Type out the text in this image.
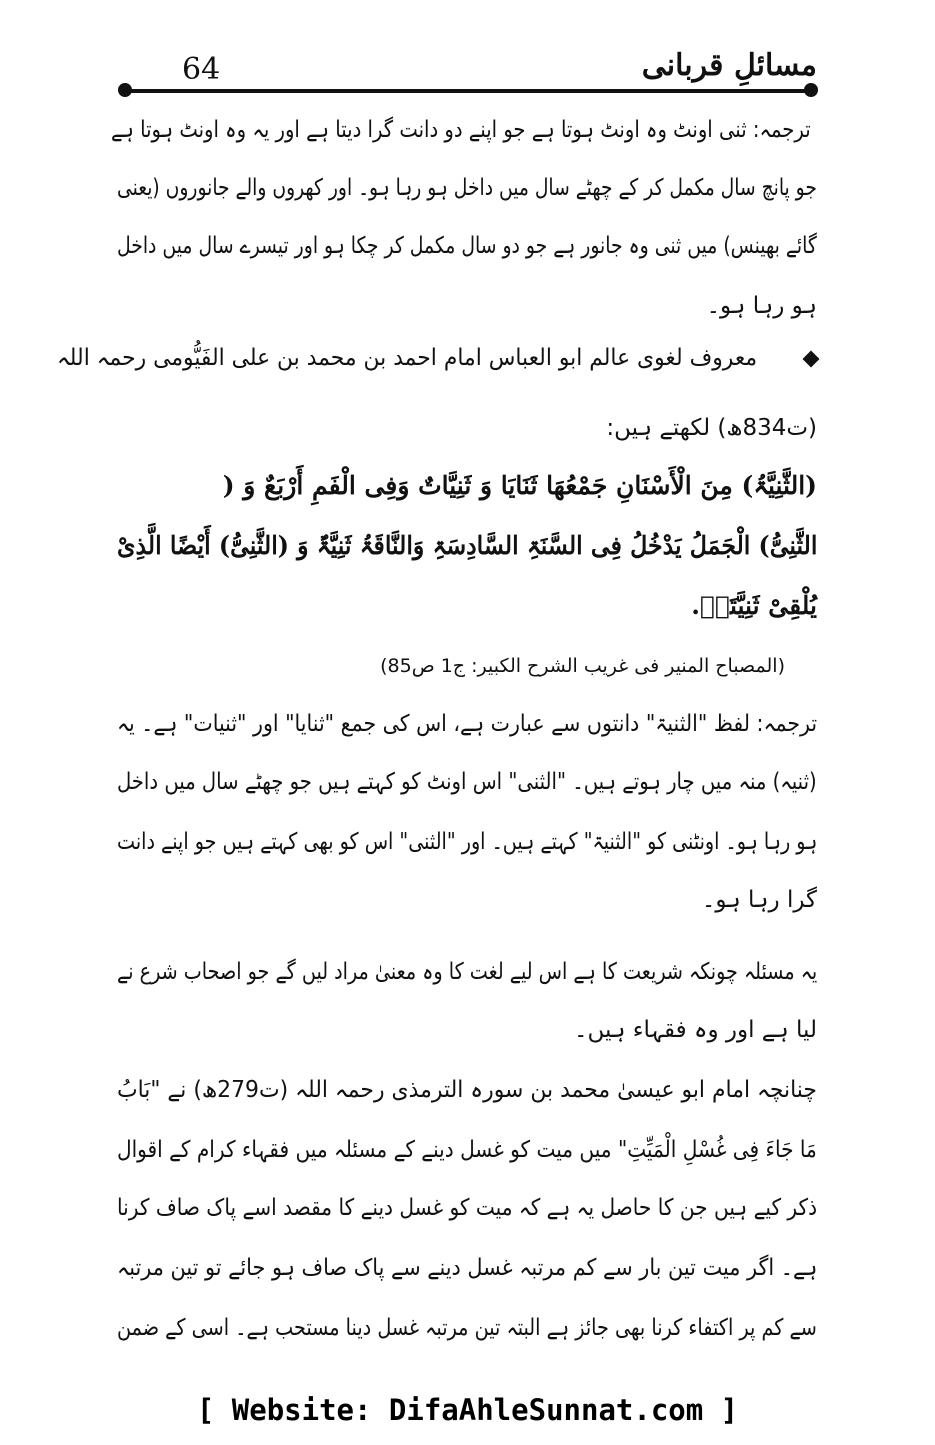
مسائلِ قربانی
64
ترجمہ: ثنی اونٹ وہ اونٹ ہوتا ہے جو اپنے دو دانت گرا دیتا ہے اور یہ وہ اونٹ ہوتا ہے
جو پانچ سال مکمل کر کے چھٹے سال میں داخل ہو رہا ہو۔ اور کھروں والے جانوروں (یعنی
گائے بھینس) میں ثنی وہ جانور ہے جو دو سال مکمل کر چکا ہو اور تیسرے سال میں داخل
ہو رہا ہو۔
معروف لغوی عالم ابو العباس امام احمد بن محمد بن علی الفَیُّومی رحمہ اللہ
(ت834ھ) لکھتے ہیں:
(الثَّنِیَّۃُ) مِنَ الْأَسْنَانِ جَمْعُھَا ثَنَایَا وَ ثَنِیَّاتٌ وَفِی الْفَمِ أَرْبَعٌ وَ (
الثَّنِیُّ) الْجَمَلُ یَدْخُلُ فِی السَّنَۃِ السَّادِسَۃِ وَالنَّاقَۃُ ثَنِیَّۃٌ وَ (الثَّنِیُّ) أَیْضًا الَّذِیْ
یُلْقِیْ ثَنِیَّتَہٗ.
(المصباح المنیر فی غریب الشرح الکبیر: ج1 ص85)
ترجمہ: لفظ "الثنیۃ" دانتوں سے عبارت ہے، اس کی جمع "ثنایا" اور "ثنیات" ہے۔ یہ
(ثنیہ) منہ میں چار ہوتے ہیں۔ "الثنی" اس اونٹ کو کہتے ہیں جو چھٹے سال میں داخل
ہو رہا ہو۔ اونٹنی کو "الثنیۃ" کہتے ہیں۔ اور "الثنی" اس کو بھی کہتے ہیں جو اپنے دانت
گرا رہا ہو۔
یہ مسئلہ چونکہ شریعت کا ہے اس لیے لغت کا وہ معنیٰ مراد لیں گے جو اصحاب شرع نے
لیا ہے اور وہ فقہاء ہیں۔
چنانچہ امام ابو عیسیٰ محمد بن سورہ الترمذی رحمہ اللہ (ت279ھ) نے "بَابُ
مَا جَاءَ فِی غُسْلِ الْمَیِّتِ" میں میت کو غسل دینے کے مسئلہ میں فقہاء کرام کے اقوال
ذکر کیے ہیں جن کا حاصل یہ ہے کہ میت کو غسل دینے کا مقصد اسے پاک صاف کرنا
ہے۔ اگر میت تین بار سے کم مرتبہ غسل دینے سے پاک صاف ہو جائے تو تین مرتبہ
سے کم پر اکتفاء کرنا بھی جائز ہے البتہ تین مرتبہ غسل دینا مستحب ہے۔ اسی کے ضمن
[ Website: DifaAhleSunnat.com ]
